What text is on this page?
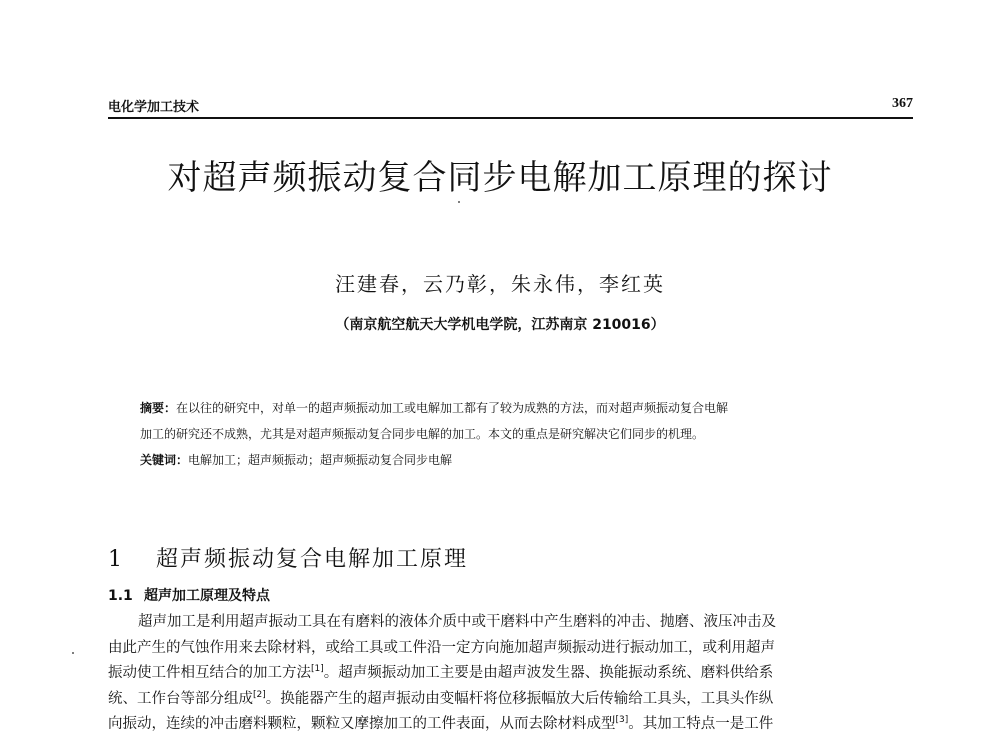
电化学加工技术	367
对超声频振动复合同步电解加工原理的探讨
汪建春，云乃彰，朱永伟，李红英
（南京航空航天大学机电学院，江苏南京 210016）
摘要：在以往的研究中，对单一的超声频振动加工或电解加工都有了较为成熟的方法，而对超声频振动复合电解
加工的研究还不成熟，尤其是对超声频振动复合同步电解的加工。本文的重点是研究解决它们同步的机理。
关键词：电解加工；超声频振动；超声频振动复合同步电解
1 超声频振动复合电解加工原理
1.1 超声加工原理及特点
超声加工是利用超声振动工具在有磨料的液体介质中或干磨料中产生磨料的冲击、抛磨、液压冲击及
由此产生的气蚀作用来去除材料，或给工具或工件沿一定方向施加超声频振动进行振动加工，或利用超声
振动使工件相互结合的加工方法[1]。超声频振动加工主要是由超声波发生器、换能振动系统、磨料供给系
统、工作台等部分组成[2]。换能器产生的超声振动由变幅杆将位移振幅放大后传输给工具头，工具头作纵
向振动，连续的冲击磨料颗粒，颗粒又摩擦加工的工件表面，从而去除材料成型[3]。其加工特点一是工件
